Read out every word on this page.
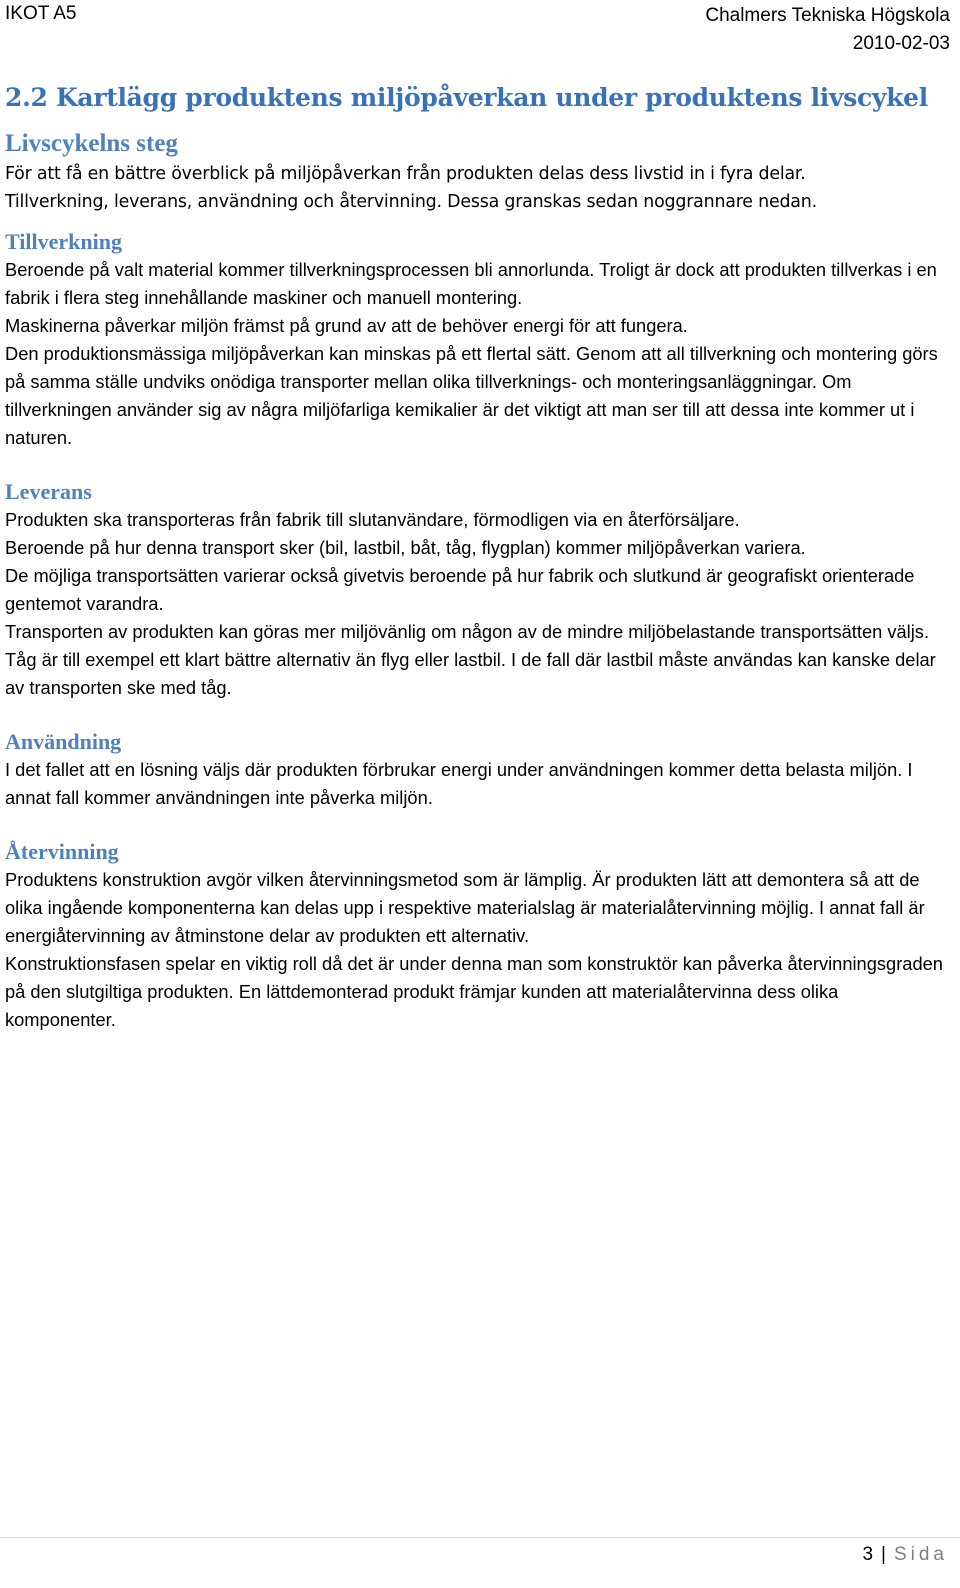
IKOT A5	Chalmers Tekniska Högskola
2010-02-03
2.2 Kartlägg produktens miljöpåverkan under produktens livscykel
Livscykelns steg

För att få en bättre överblick på miljöpåverkan från produkten delas dess livstid in i fyra delar.

Tillverkning, leverans, användning och återvinning. Dessa granskas sedan noggrannare nedan.

Tillverkning

Beroende på valt material kommer tillverkningsprocessen bli annorlunda. Troligt är dock att produkten tillverkas i en fabrik i flera steg innehållande maskiner och manuell montering.

Maskinerna påverkar miljön främst på grund av att de behöver energi för att fungera.

Den produktionsmässiga miljöpåverkan kan minskas på ett flertal sätt. Genom att all tillverkning och montering görs på samma ställe undviks onödiga transporter mellan olika tillverknings- och monteringsanläggningar. Om tillverkningen använder sig av några miljöfarliga kemikalier är det viktigt att man ser till att dessa inte kommer ut i naturen.

Leverans

Produkten ska transporteras från fabrik till slutanvändare, förmodligen via en återförsäljare.

Beroende på hur denna transport sker (bil, lastbil, båt, tåg, flygplan) kommer miljöpåverkan variera.

De möjliga transportsätten varierar också givetvis beroende på hur fabrik och slutkund är geografiskt orienterade gentemot varandra.

Transporten av produkten kan göras mer miljövänlig om någon av de mindre miljöbelastande transportsätten väljs. Tåg är till exempel ett klart bättre alternativ än flyg eller lastbil. I de fall där lastbil måste användas kan kanske delar av transporten ske med tåg.

Användning

I det fallet att en lösning väljs där produkten förbrukar energi under användningen kommer detta belasta miljön. I annat fall kommer användningen inte påverka miljön.

Återvinning

Produktens konstruktion avgör vilken återvinningsmetod som är lämplig. Är produkten lätt att demontera så att de olika ingående komponenterna kan delas upp i respektive materialslag är materialåtervinning möjlig. I annat fall är energiåtervinning av åtminstone delar av produkten ett alternativ.

Konstruktionsfasen spelar en viktig roll då det är under denna man som konstruktör kan påverka återvinningsgraden på den slutgiltiga produkten. En lättdemonterad produkt främjar kunden att materialåtervinna dess olika komponenter.

3 | Sida
